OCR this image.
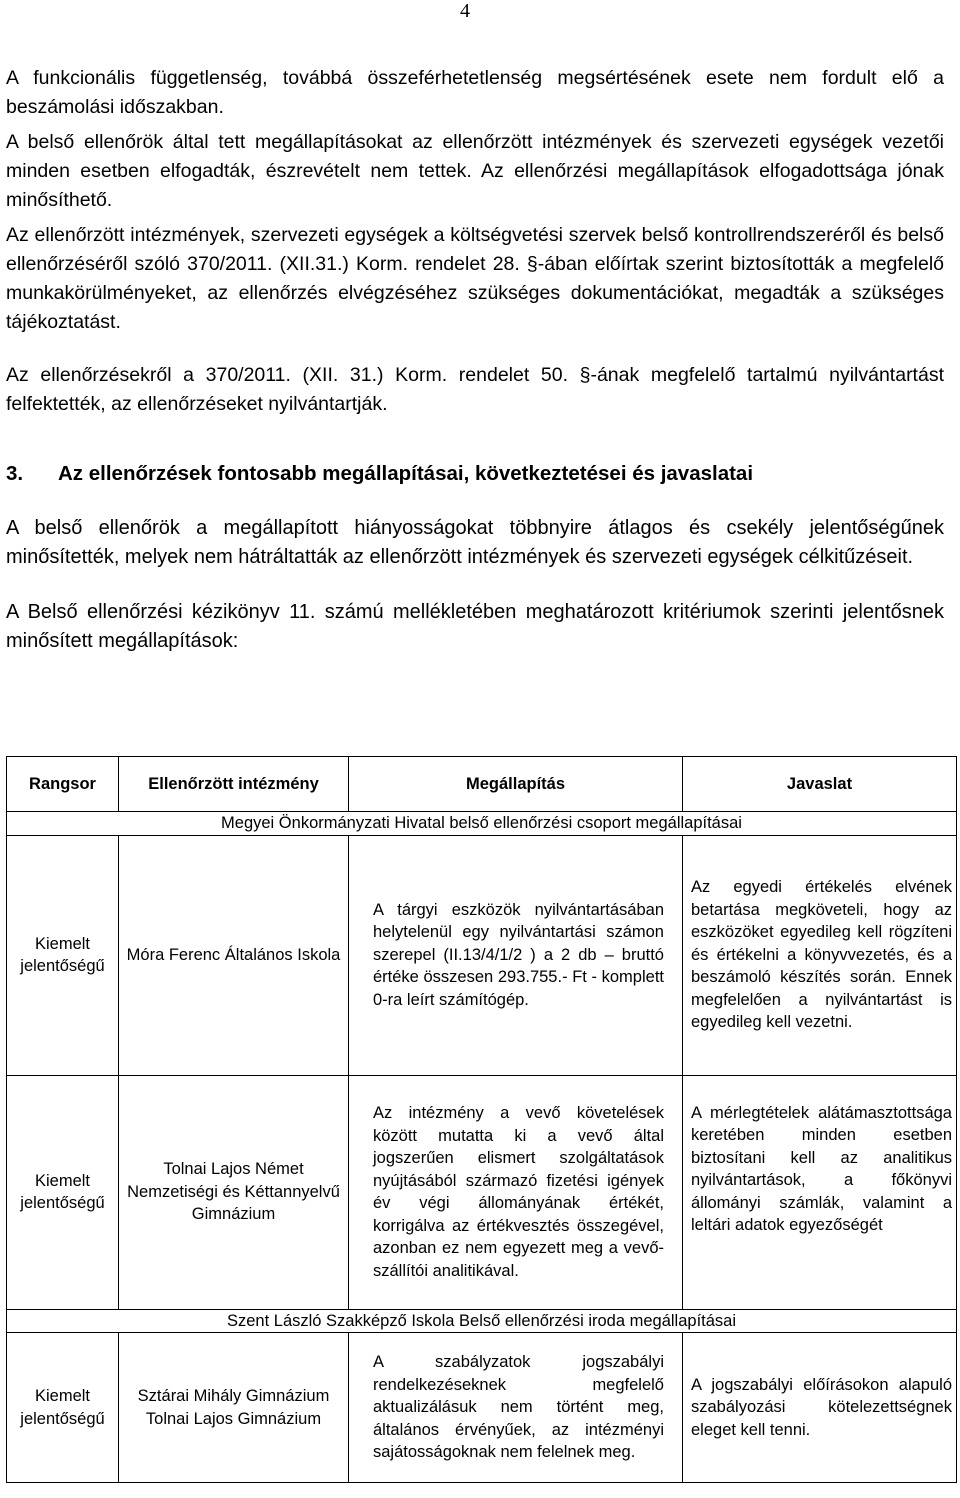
4

A funkcionális függetlenség, továbbá összeférhetetlenség megsértésének esete nem fordult elő a beszámolási időszakban.

A belső ellenőrök által tett megállapításokat az ellenőrzött intézmények és szervezeti egységek vezetői minden esetben elfogadták, észrevételt nem tettek. Az ellenőrzési megállapítások elfogadottsága jónak minősíthető.

Az ellenőrzött intézmények, szervezeti egységek a költségvetési szervek belső kontrollrendszeréről és belső ellenőrzéséről szóló 370/2011. (XII.31.) Korm. rendelet 28. §-ában előírtak szerint biztosították a megfelelő munkakörülményeket, az ellenőrzés elvégzéséhez szükséges dokumentációkat, megadták a szükséges tájékoztatást.

Az ellenőrzésekről a 370/2011. (XII. 31.) Korm. rendelet 50. §-ának megfelelő tartalmú nyilvántartást felfektették, az ellenőrzéseket nyilvántartják.

3. Az ellenőrzések fontosabb megállapításai, következtetései és javaslatai

A belső ellenőrök a megállapított hiányosságokat többnyire átlagos és csekély jelentőségűnek minősítették, melyek nem hátráltatták az ellenőrzött intézmények és szervezeti egységek célkitűzéseit.

A Belső ellenőrzési kézikönyv 11. számú mellékletében meghatározott kritériumok szerinti jelentősnek minősített megállapítások:

Rangsor	Ellenőrzött intézmény	Megállapítás	Javaslat
Megyei Önkormányzati Hivatal belső ellenőrzési csoport megállapításai			
Kiemelt jelentőségű	Móra Ferenc Általános Iskola	A tárgyi eszközök nyilvántartásában helytelenül egy nyilvántartási számon szerepel (II.13/4/1/2 ) a 2 db – bruttó értéke összesen 293.755.- Ft - komplett 0-ra leírt számítógép.	Az egyedi értékelés elvének betartása megköveteli, hogy az eszközöket egyedileg kell rögzíteni és értékelni a könyvvezetés, és a beszámoló készítés során. Ennek megfelelően a nyilvántartást is egyedileg kell vezetni.
Kiemelt jelentőségű	Tolnai Lajos Német Nemzetiségi és Kéttannyelvű Gimnázium	Az intézmény a vevő követelések között mutatta ki a vevő által jogszerűen elismert szolgáltatások nyújtásából származó fizetési igények év végi állományának értékét, korrigálva az értékvesztés összegével, azonban ez nem egyezett meg a vevő-szállítói analitikával.	A mérlegtételek alátámasztottsága keretében minden esetben biztosítani kell az analitikus nyilvántartások, a főkönyvi állományi számlák, valamint a leltári adatok egyezőségét
Szent László Szakképző Iskola Belső ellenőrzési iroda megállapításai			
Kiemelt jelentőségű	Sztárai Mihály Gimnázium Tolnai Lajos Gimnázium	A szabályzatok jogszabályi rendelkezéseknek megfelelő aktualizálásuk nem történt meg, általános érvényűek, az intézményi sajátosságoknak nem felelnek meg.	A jogszabályi előírásokon alapuló szabályozási kötelezettségnek eleget kell tenni.
